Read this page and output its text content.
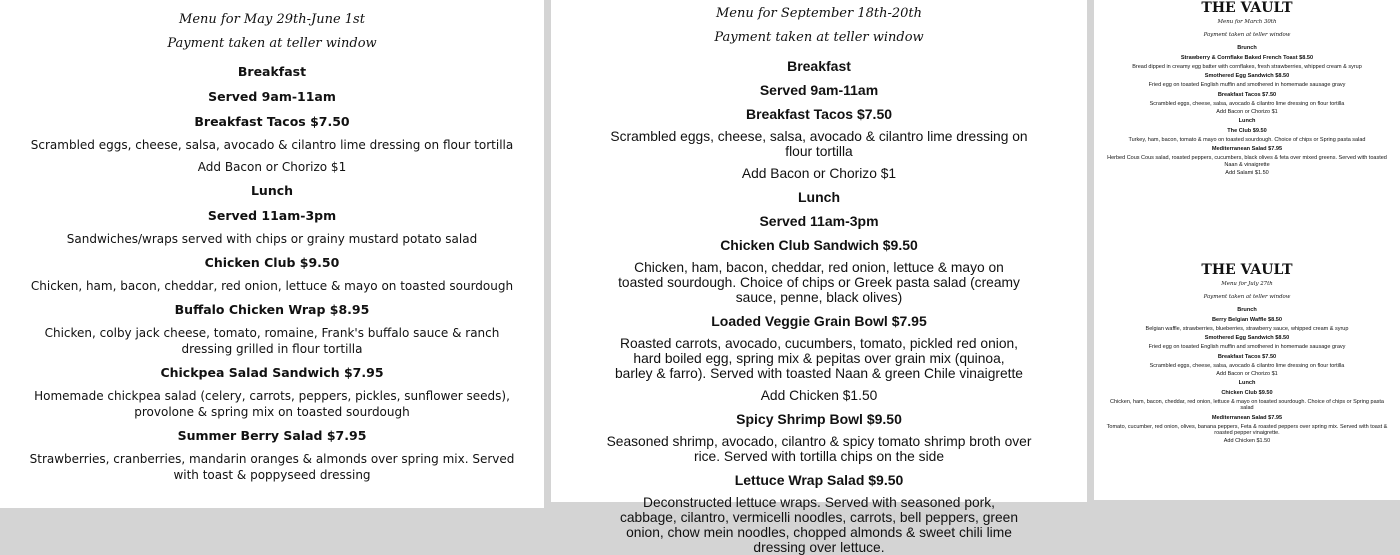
Menu for May 29th-June 1st
Payment taken at teller window
Breakfast
Served 9am-11am
Breakfast Tacos $7.50
Scrambled eggs, cheese, salsa, avocado & cilantro lime dressing on flour tortilla
Add Bacon or Chorizo $1
Lunch
Served 11am-3pm
Sandwiches/wraps served with chips or grainy mustard potato salad
Chicken Club $9.50
Chicken, ham, bacon, cheddar, red onion, lettuce & mayo on toasted sourdough
Buffalo Chicken Wrap $8.95
Chicken, colby jack cheese, tomato, romaine, Frank's buffalo sauce & ranch dressing grilled in flour tortilla
Chickpea Salad Sandwich $7.95
Homemade chickpea salad (celery, carrots, peppers, pickles, sunflower seeds), provolone & spring mix on toasted sourdough
Summer Berry Salad $7.95
Strawberries, cranberries, mandarin oranges & almonds over spring mix. Served with toast & poppyseed dressing
Menu for September 18th-20th
Payment taken at teller window
Breakfast
Served 9am-11am
Breakfast Tacos $7.50
Scrambled eggs, cheese, salsa, avocado & cilantro lime dressing on flour tortilla
Add Bacon or Chorizo $1
Lunch
Served 11am-3pm
Chicken Club Sandwich $9.50
Chicken, ham, bacon, cheddar, red onion, lettuce & mayo on toasted sourdough. Choice of chips or Greek pasta salad (creamy sauce, penne, black olives)
Loaded Veggie Grain Bowl $7.95
Roasted carrots, avocado, cucumbers, tomato, pickled red onion, hard boiled egg, spring mix & pepitas over grain mix (quinoa, barley & farro). Served with toasted Naan & green Chile vinaigrette
Add Chicken $1.50
Spicy Shrimp Bowl $9.50
Seasoned shrimp, avocado, cilantro & spicy tomato shrimp broth over rice. Served with tortilla chips on the side
Lettuce Wrap Salad $9.50
Deconstructed lettuce wraps. Served with seasoned pork, cabbage, cilantro, vermicelli noodles, carrots, bell peppers, green onion, chow mein noodles, chopped almonds & sweet chili lime dressing over lettuce.
THE VAULT
Menu for March 30th
Payment taken at teller window
Brunch
Strawberry & Cornflake Baked French Toast $8.50
Bread dipped in creamy egg batter with cornflakes, fresh strawberries, whipped cream & syrup
Smothered Egg Sandwich $8.50
Fried egg on toasted English muffin and smothered in homemade sausage gravy
Breakfast Tacos $7.50
Scrambled eggs, cheese, salsa, avocado & cilantro lime dressing on flour tortilla
Add Bacon or Chorizo $1
Lunch
The Club $9.50
Turkey, ham, bacon, tomato & mayo on toasted sourdough. Choice of chips or Spring pasta salad
Mediterranean Salad $7.95
Herbed Cous Cous salad, roasted peppers, cucumbers, black olives & feta over mixed greens. Served with toasted Naan & vinaigrette
Add Salami $1.50
THE VAULT
Menu for July 27th
Payment taken at teller window
Brunch
Berry Belgian Waffle $8.50
Belgian waffle, strawberries, blueberries, strawberry sauce, whipped cream & syrup
Smothered Egg Sandwich $8.50
Fried egg on toasted English muffin and smothered in homemade sausage gravy
Breakfast Tacos $7.50
Scrambled eggs, cheese, salsa, avocado & cilantro lime dressing on flour tortilla
Add Bacon or Chorizo $1
Lunch
Chicken Club $9.50
Chicken, ham, bacon, cheddar, red onion, lettuce & mayo on toasted sourdough. Choice of chips or Spring pasta salad
Mediterranean Salad $7.95
Tomato, cucumber, red onion, olives, banana peppers, Feta & roasted peppers over spring mix. Served with toast & roasted pepper vinaigrette.
Add Chicken $1.50
